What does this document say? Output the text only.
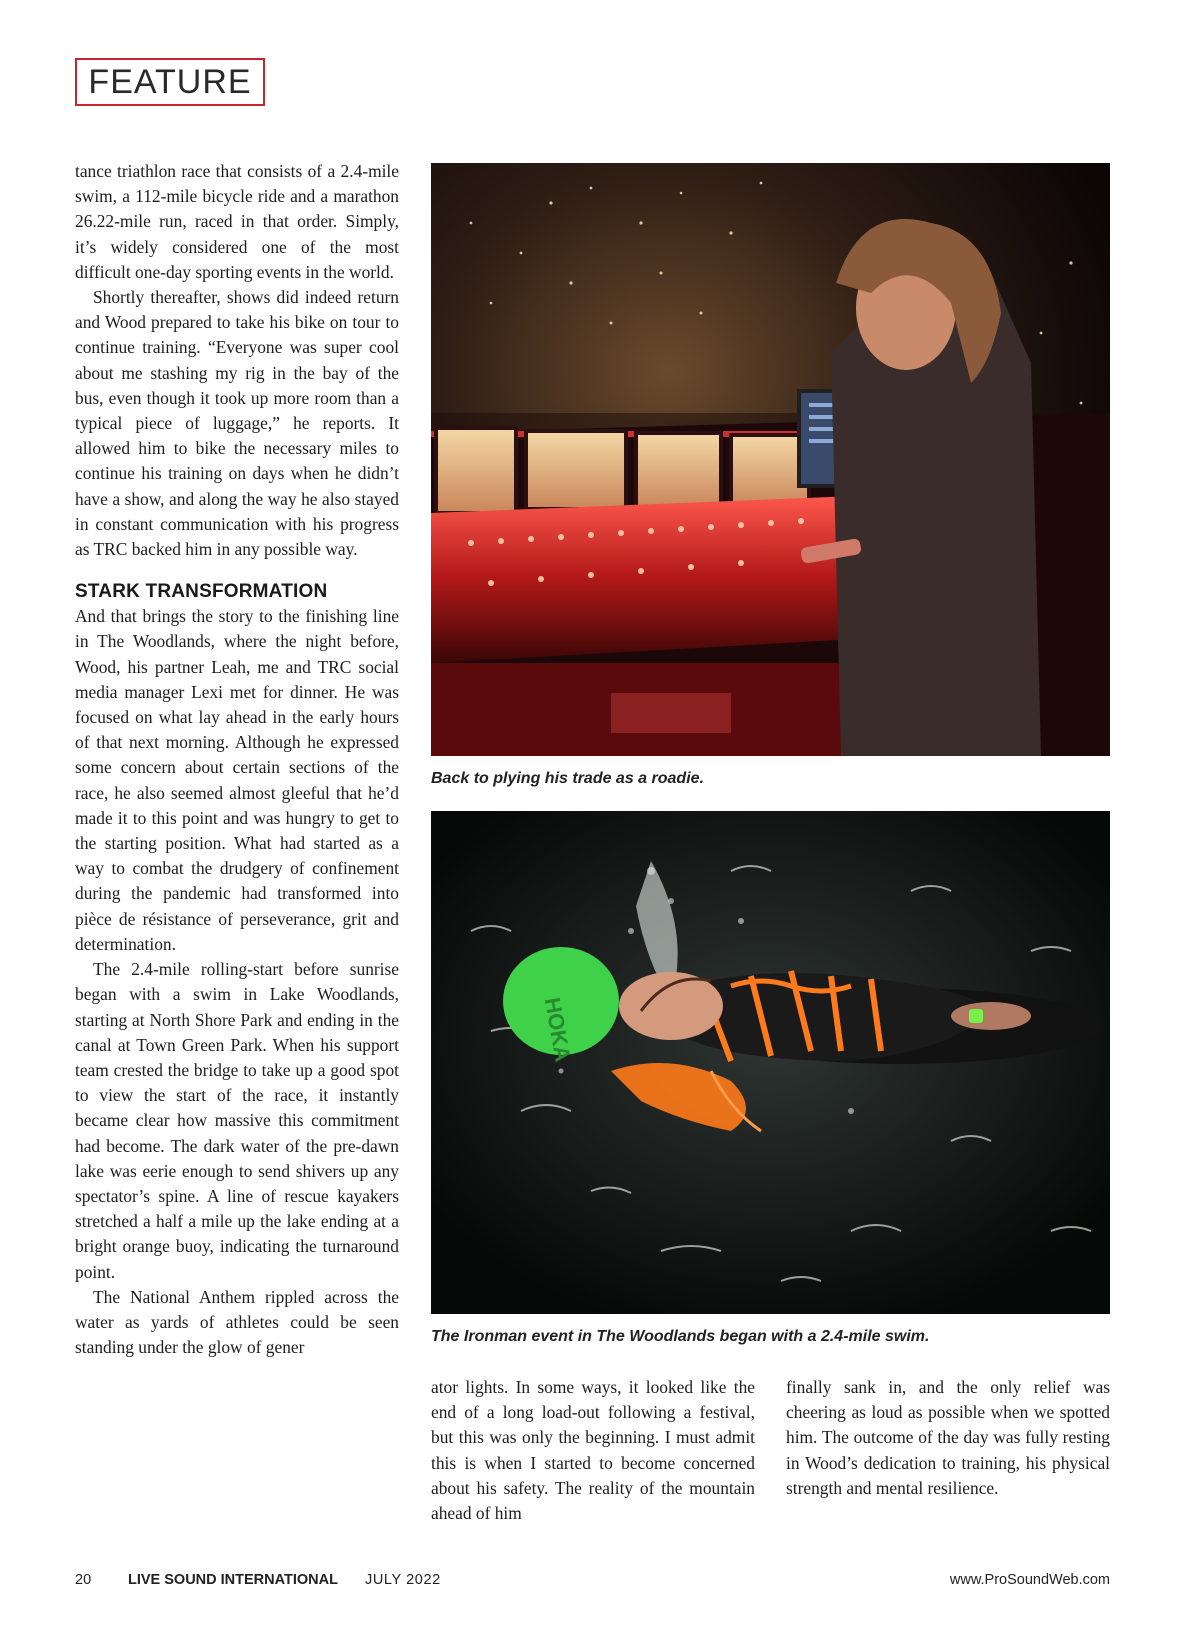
FEATURE

tance triathlon race that consists of a 2.4-mile swim, a 112-mile bicycle ride and a marathon 26.22-mile run, raced in that order. Simply, it’s widely considered one of the most difficult one-day sporting events in the world.

Shortly thereafter, shows did indeed return and Wood prepared to take his bike on tour to continue training. “Everyone was super cool about me stashing my rig in the bay of the bus, even though it took up more room than a typical piece of luggage,” he reports. It allowed him to bike the necessary miles to continue his training on days when he didn’t have a show, and along the way he also stayed in constant communication with his progress as TRC backed him in any possible way.

STARK TRANSFORMATION

And that brings the story to the finishing line in The Woodlands, where the night before, Wood, his partner Leah, me and TRC social media manager Lexi met for dinner. He was focused on what lay ahead in the early hours of that next morning. Although he expressed some concern about certain sections of the race, he also seemed almost gleeful that he’d made it to this point and was hungry to get to the starting position. What had started as a way to combat the drudgery of confinement during the pandemic had transformed into pièce de résistance of perseverance, grit and determination.

The 2.4-mile rolling-start before sunrise began with a swim in Lake Woodlands, starting at North Shore Park and ending in the canal at Town Green Park. When his support team crested the bridge to take up a good spot to view the start of the race, it instantly became clear how massive this commitment had become. The dark water of the pre-dawn lake was eerie enough to send shivers up any spectator’s spine. A line of rescue kayakers stretched a half a mile up the lake ending at a bright orange buoy, indicating the turnaround point.

The National Anthem rippled across the water as yards of athletes could be seen standing under the glow of gener

Back to plying his trade as a roadie.
HOKA
The Ironman event in The Woodlands began with a 2.4-mile swim.

ator lights. In some ways, it looked like the end of a long load-out following a festival, but this was only the beginning. I must admit this is when I started to become concerned about his safety. The reality of the mountain ahead of him

finally sank in, and the only relief was cheering as loud as possible when we spotted him. The outcome of the day was fully resting in Wood’s dedication to training, his physical strength and mental resilience.

20	LIVE SOUND INTERNATIONAL JULY 2022	www.ProSoundWeb.com
